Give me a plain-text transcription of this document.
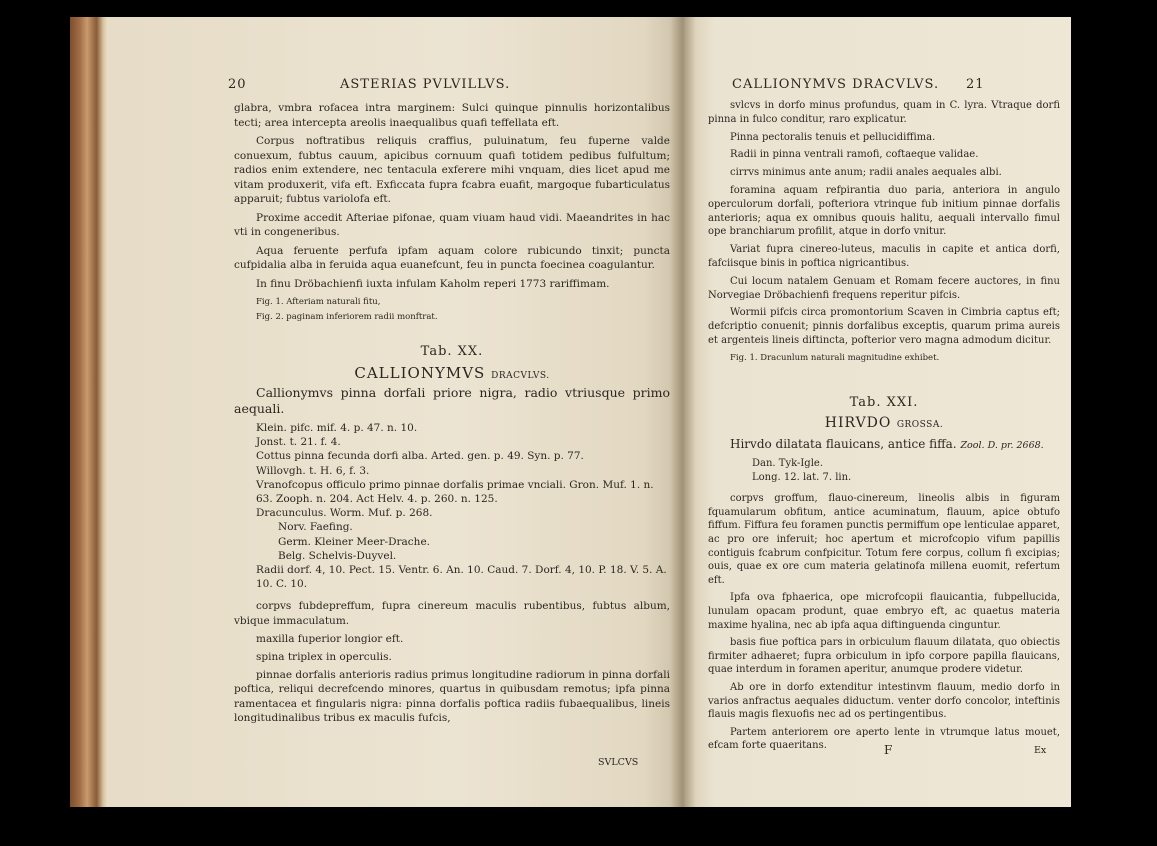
20	ASTERIAS PVLVILLVS.

glabra, vmbra rofacea intra marginem: Sulci quinque pinnulis horizontalibus tecti; area intercepta areolis inaequalibus quafi teffellata eft.

Corpus noftratibus reliquis craffius, puluinatum, feu fuperne valde conuexum, fubtus cauum, apicibus cornuum quafi totidem pedibus fulfultum; radios enim extendere, nec tentacula exferere mihi vnquam, dies licet apud me vitam produxerit, vifa eft. Exficcata fupra fcabra euafit, margoque fubarticulatus apparuit; fubtus variolofa eft.

Proxime accedit Afteriae pifonae, quam viuam haud vidi. Maeandrites in hac vti in congeneribus.

Aqua feruente perfufa ipfam aquam colore rubicundo tinxit; puncta cufpidalia alba in feruida aqua euanefcunt, feu in puncta foecinea coagulantur.

In finu Dröbachienfi iuxta infulam Kaholm reperi 1773 rariffimam.

Fig. 1. Afteriam naturali fitu,
Fig. 2. paginam inferiorem radii monftrat.
Tab. XX.
CALLIONYMVS DRACVLVS.

Callionymvs pinna dorfali priore nigra, radio vtriusque primo aequali.

Klein. pifc. mif. 4. p. 47. n. 10.
Jonst. t. 21. f. 4.
Cottus pinna fecunda dorfi alba. Arted. gen. p. 49. Syn. p. 77.
Willovgh. t. H. 6, f. 3.
Vranofcopus officulo primo pinnae dorfalis primae vnciali. Gron. Muf. 1. n. 63. Zooph. n. 204. Act Helv. 4. p. 260. n. 125.
Dracunculus. Worm. Muf. p. 268.
Norv. Faefing.
Germ. Kleiner Meer-Drache.
Belg. Schelvis-Duyvel.
Radii dorf. 4, 10. Pect. 15. Ventr. 6. An. 10. Caud. 7. Dorf. 4, 10. P. 18. V. 5. A. 10. C. 10.

corpvs fubdepreffum, fupra cinereum maculis rubentibus, fubtus album, vbique immaculatum.

maxilla fuperior longior eft.

spina triplex in operculis.

pinnae dorfalis anterioris radius primus longitudine radiorum in pinna dorfali poftica, reliqui decrefcendo minores, quartus in quibusdam remotus; ipfa pinna ramentacea et fingularis nigra: pinna dorfalis poftica radiis fubaequalibus, lineis longitudinalibus tribus ex maculis fufcis,

SVLCVS
CALLIONYMVS DRACVLVS. 21

svlcvs in dorfo minus profundus, quam in C. lyra. Vtraque dorfi pinna in fulco conditur, raro explicatur.

Pinna pectoralis tenuis et pellucidiffima.

Radii in pinna ventrali ramofi, coftaeque validae.

cirrvs minimus ante anum; radii anales aequales albi.

foramina aquam refpirantia duo paria, anteriora in angulo operculorum dorfali, pofteriora vtrinque fub initium pinnae dorfalis anterioris; aqua ex omnibus quouis halitu, aequali intervallo fimul ope branchiarum profilit, atque in dorfo vnitur.

Variat fupra cinereo-luteus, maculis in capite et antica dorfi, fafciisque binis in poftica nigricantibus.

Cui locum natalem Genuam et Romam fecere auctores, in finu Norvegiae Dröbachienfi frequens reperitur pifcis.

Wormii pifcis circa promontorium Scaven in Cimbria captus eft; defcriptio conuenit; pinnis dorfalibus exceptis, quarum prima aureis et argenteis lineis diftincta, pofterior vero magna admodum dicitur.

Fig. 1. Dracunlum naturali magnitudine exhibet.
Tab. XXI.
HIRVDO GROSSA.

Hirvdo dilatata flauicans, antice fiffa. Zool. D. pr. 2668.

Dan. Tyk-Igle.
Long. 12. lat. 7. lin.

corpvs groffum, flauo-cinereum, lineolis albis in figuram fquamularum obfitum, antice acuminatum, flauum, apice obtufo fiffum. Fiffura feu foramen punctis permiffum ope lenticulae apparet, ac pro ore inferuit; hoc apertum et microfcopio vifum papillis contiguis fcabrum confpicitur. Totum fere corpus, collum fi excipias; ouis, quae ex ore cum materia gelatinofa millena euomit, refertum eft.

Ipfa ova fphaerica, ope microfcopii flauicantia, fubpellucida, lunulam opacam produnt, quae embryo eft, ac quaetus materia maxime hyalina, nec ab ipfa aqua diftinguenda cinguntur.

basis fiue poftica pars in orbiculum flauum dilatata, quo obiectis firmiter adhaeret; fupra orbiculum in ipfo corpore papilla flauicans, quae interdum in foramen aperitur, anumque prodere videtur.

Ab ore in dorfo extenditur intestinvm flauum, medio dorfo in varios anfractus aequales diductum. venter dorfo concolor, inteftinis flauis magis flexuofis nec ad os pertingentibus.

Partem anteriorem ore aperto lente in vtrumque latus mouet, efcam forte quaeritans.	F	Ex
